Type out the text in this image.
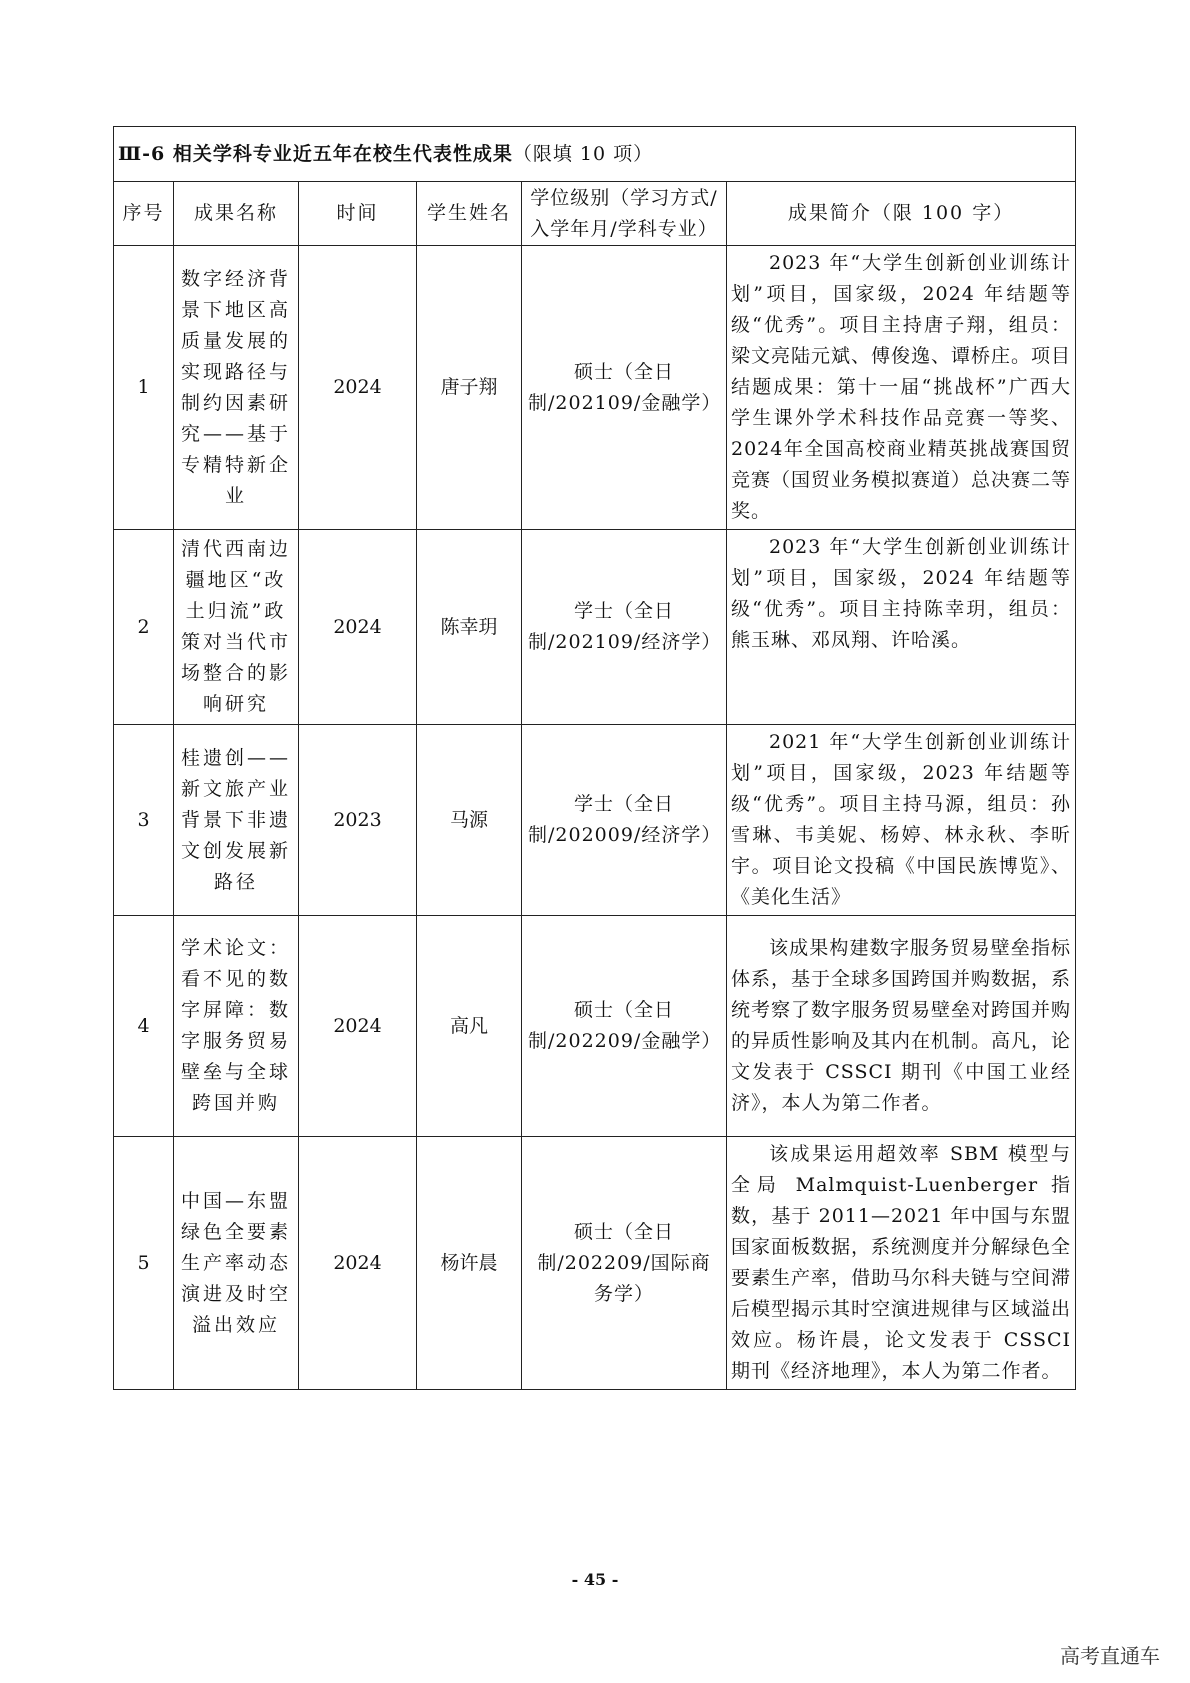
Ⅲ-6 相关学科专业近五年在校生代表性成果（限填 10 项）					
序号	成果名称	时间	学生姓名	学位级别（学习方式/入学年月/学科专业）	成果简介（限 100 字）
1	数字经济背景下地区高质量发展的实现路径与制约因素研究——基于专精特新企业	2024	唐子翔	硕士（全日制/202109/金融学）	2023 年“大学生创新创业训练计划”项目，国家级，2024 年结题等级“优秀”。项目主持唐子翔，组员：梁文亮陆元斌、傅俊逸、谭桥庄。项目结题成果：第十一届“挑战杯”广西大学生课外学术科技作品竞赛一等奖、2024年全国高校商业精英挑战赛国贸竞赛（国贸业务模拟赛道）总决赛二等奖。

2	清代西南边疆地区“改土归流”政策对当代市场整合的影响研究	2024	陈幸玥	学士（全日制/202109/经济学）	2023 年“大学生创新创业训练计划”项目，国家级，2024 年结题等级“优秀”。项目主持陈幸玥，组员：熊玉琳、邓凤翔、许哈溪。

3	桂遗创——新文旅产业背景下非遗文创发展新路径	2023	马源	学士（全日制/202009/经济学）	2021 年“大学生创新创业训练计划”项目，国家级，2023 年结题等级“优秀”。项目主持马源，组员：孙雪琳、韦美妮、杨婷、林永秋、李昕宇。项目论文投稿《中国民族博览》、《美化生活》

4	学术论文：看不见的数字屏障：数字服务贸易壁垒与全球跨国并购	2024	高凡	硕士（全日制/202209/金融学）	该成果构建数字服务贸易壁垒指标体系，基于全球多国跨国并购数据，系统考察了数字服务贸易壁垒对跨国并购的异质性影响及其内在机制。高凡，论文发表于 CSSCI 期刊《中国工业经济》，本人为第二作者。

5	中国—东盟绿色全要素生产率动态演进及时空溢出效应	2024	杨许晨	硕士（全日制/202209/国际商务学）	该成果运用超效率 SBM 模型与全局 Malmquist-Luenberger 指数，基于 2011—2021 年中国与东盟国家面板数据，系统测度并分解绿色全要素生产率，借助马尔科夫链与空间滞后模型揭示其时空演进规律与区域溢出效应。杨许晨，论文发表于 CSSCI 期刊《经济地理》，本人为第二作者。
- 45 -
高考直通车
